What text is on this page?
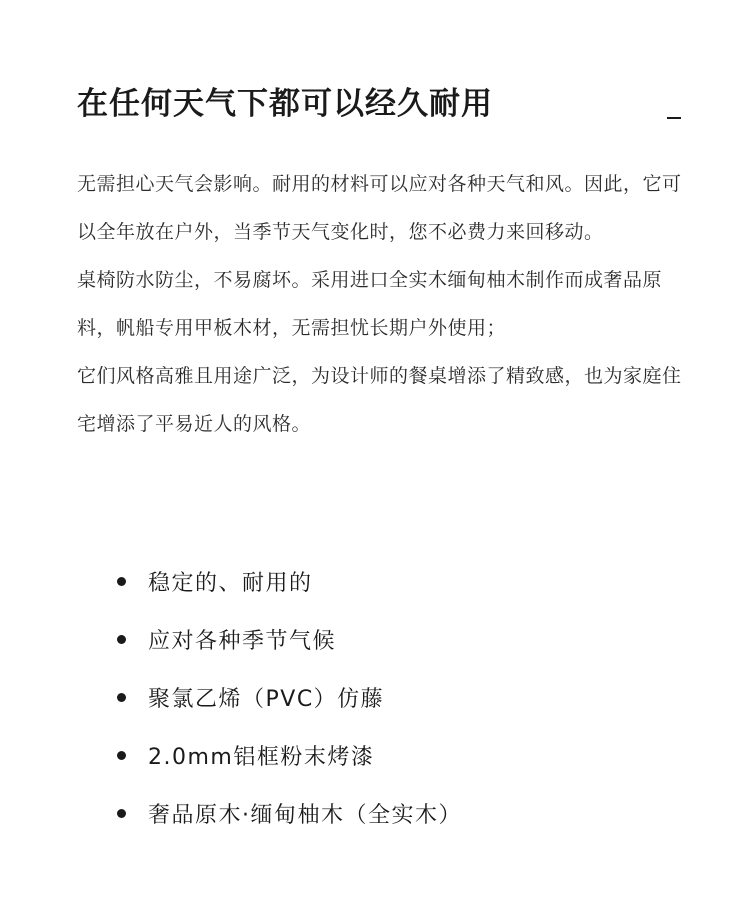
在任何天气下都可以经久耐用

无需担心天气会影响。耐用的材料可以应对各种天气和风。因此，它可以全年放在户外，当季节天气变化时，您不必费力来回移动。

桌椅防水防尘，不易腐坏。采用进口全实木缅甸柚木制作而成奢品原料，帆船专用甲板木材，无需担忧长期户外使用；

它们风格高雅且用途广泛，为设计师的餐桌增添了精致感，也为家庭住宅增添了平易近人的风格。

稳定的、耐用的
应对各种季节气候
聚氯乙烯（PVC）仿藤
2.0mm铝框粉末烤漆
奢品原木·缅甸柚木（全实木）
